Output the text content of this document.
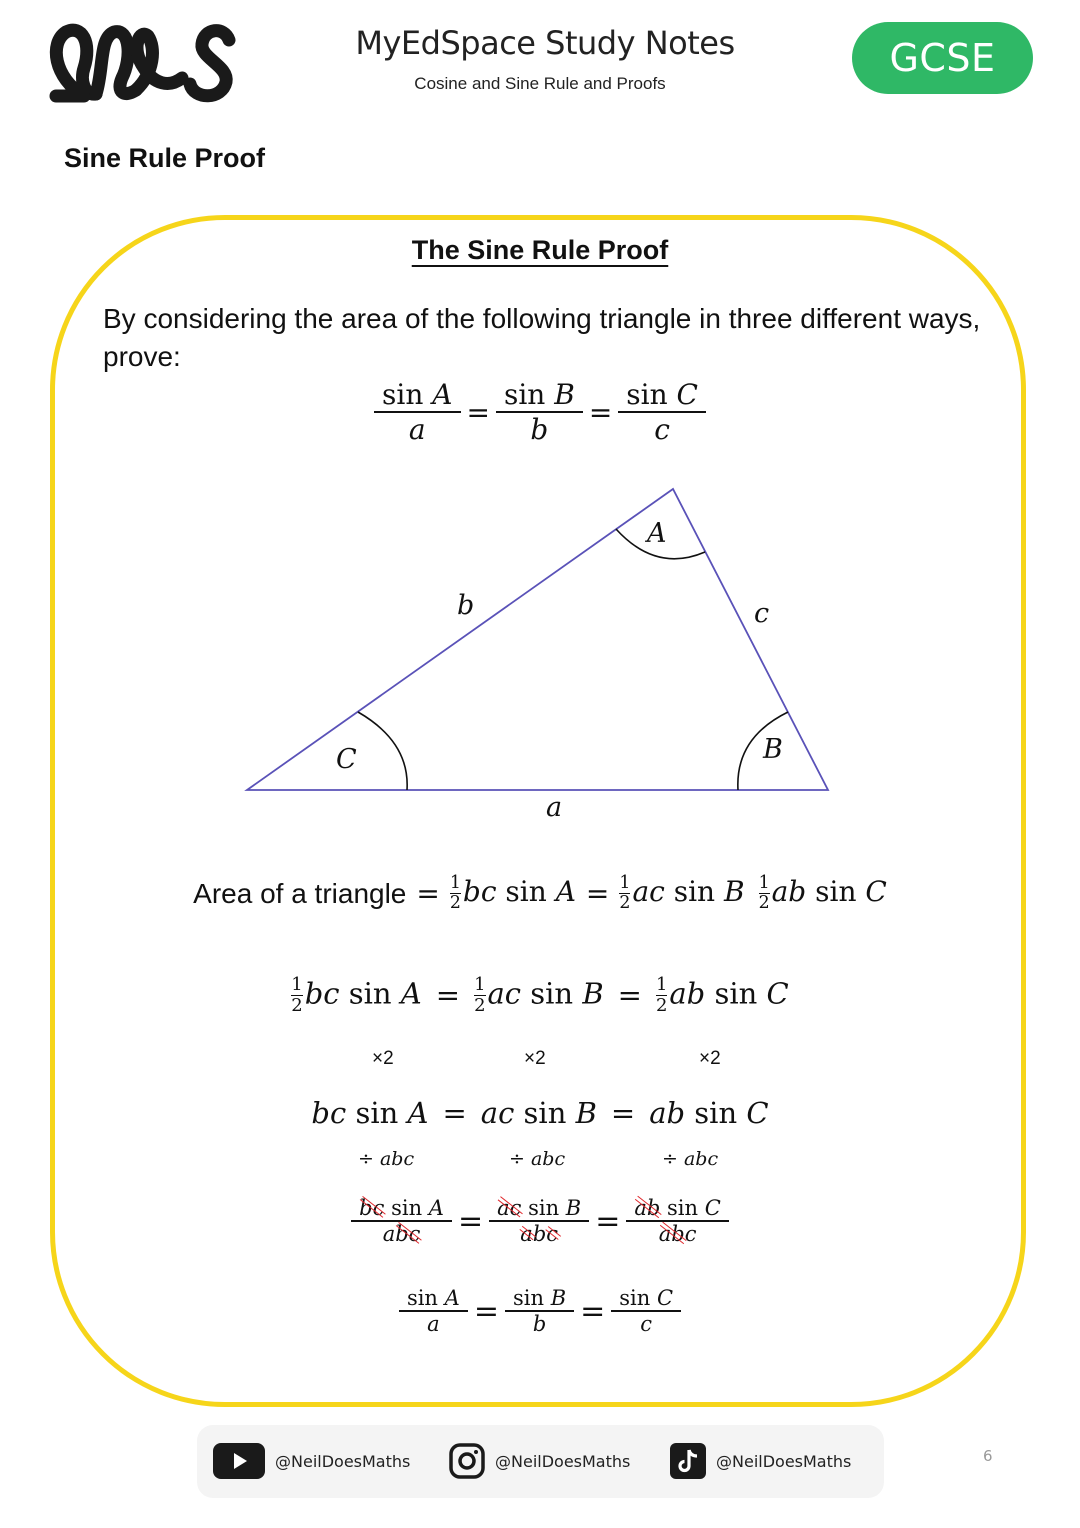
MyEdSpace Study Notes
Cosine and Sine Rule and Proofs
GCSE
Sine Rule Proof
The Sine Rule Proof
By considering the area of the following triangle in three different ways, prove:
$\frac{\text{sin A}}{a} = \frac{\text{sin B}}{b} = \frac{\text{sin C}}{c}$
A
B
C
a
b	c
Area of a triangle = $\frac{1}{2}$ bc $\sin A = \frac{1}{2}$ ac sin B $\frac{1}{2}$ ab sin C
$\frac{1}{2}$ bc $\sin A = \frac{1}{2}$ ac $\sin B = \frac{1}{2}$ ab sin C
×2	×2	×2
bc sin A = ac sin B = ab sin C
÷ abc	÷ abc	÷ abc
$\frac{\text{bc sin A}}{\text{abc}} = \frac{\text{ac sin B}}{\text{abc}} = \frac{\text{ab sin C}}{\text{abc}}$
$\frac{\text{sin A}}{a} = \frac{\text{sin B}}{b} = \frac{\text{sin C}}{c}$
@NeilDoesMaths	@NeilDoesMaths	@NeilDoesMaths	6
